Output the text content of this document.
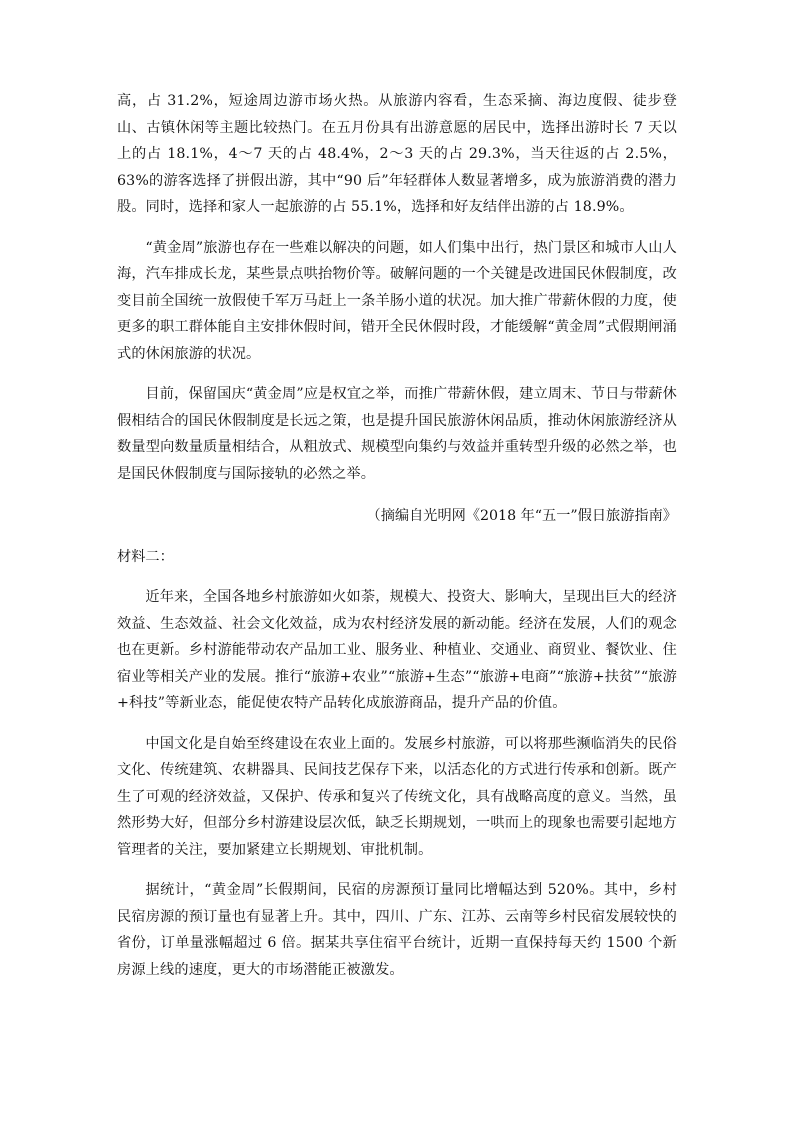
高，占 31.2%，短途周边游市场火热。从旅游内容看，生态采摘、海边度假、徒步登山、古镇休闲等主题比较热门。在五月份具有出游意愿的居民中，选择出游时长 7 天以上的占 18.1%，4～7 天的占 48.4%，2～3 天的占 29.3%，当天往返的占 2.5%，63%的游客选择了拼假出游，其中“90 后”年轻群体人数显著增多，成为旅游消费的潜力股。同时，选择和家人一起旅游的占 55.1%，选择和好友结伴出游的占 18.9%。

“黄金周”旅游也存在一些难以解决的问题，如人们集中出行，热门景区和城市人山人海，汽车排成长龙，某些景点哄抬物价等。破解问题的一个关键是改进国民休假制度，改变目前全国统一放假使千军万马赶上一条羊肠小道的状况。加大推广带薪休假的力度，使更多的职工群体能自主安排休假时间，错开全民休假时段，才能缓解“黄金周”式假期闸涌式的休闲旅游的状况。

目前，保留国庆“黄金周”应是权宜之举，而推广带薪休假，建立周末、节日与带薪休假相结合的国民休假制度是长远之策，也是提升国民旅游休闲品质，推动休闲旅游经济从数量型向数量质量相结合，从粗放式、规模型向集约与效益并重转型升级的必然之举，也是国民休假制度与国际接轨的必然之举。

（摘编自光明网《2018 年“五一”假日旅游指南》

材料二：

近年来，全国各地乡村旅游如火如荼，规模大、投资大、影响大，呈现出巨大的经济效益、生态效益、社会文化效益，成为农村经济发展的新动能。经济在发展，人们的观念也在更新。乡村游能带动农产品加工业、服务业、种植业、交通业、商贸业、餐饮业、住宿业等相关产业的发展。推行“旅游+农业”“旅游+生态”“旅游+电商”“旅游+扶贫”“旅游+科技”等新业态，能促使农特产品转化成旅游商品，提升产品的价值。

中国文化是自始至终建设在农业上面的。发展乡村旅游，可以将那些濒临消失的民俗文化、传统建筑、农耕器具、民间技艺保存下来，以活态化的方式进行传承和创新。既产生了可观的经济效益，又保护、传承和复兴了传统文化，具有战略高度的意义。当然，虽然形势大好，但部分乡村游建设层次低，缺乏长期规划，一哄而上的现象也需要引起地方管理者的关注，要加紧建立长期规划、审批机制。

据统计，“黄金周”长假期间，民宿的房源预订量同比增幅达到 520%。其中，乡村民宿房源的预订量也有显著上升。其中，四川、广东、江苏、云南等乡村民宿发展较快的省份，订单量涨幅超过 6 倍。据某共享住宿平台统计，近期一直保持每天约 1500 个新房源上线的速度，更大的市场潜能正被激发。
